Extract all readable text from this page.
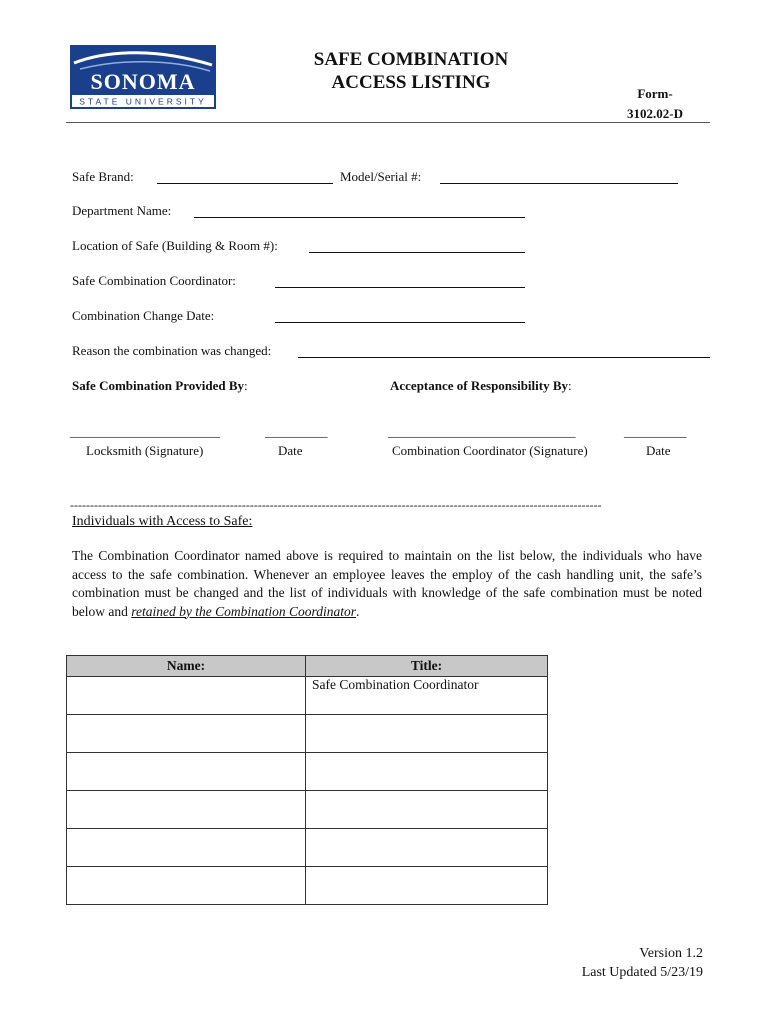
SONOMA
STATE UNIVERSITY
SAFE COMBINATION
ACCESS LISTING
Form-
3102.02-D
Safe Brand:	Model/Serial #:
Department Name:
Location of Safe (Building & Room #):
Safe Combination Coordinator:
Combination Change Date:
Reason the combination was changed:
Safe Combination Provided By:	Acceptance of Responsibility By:
________________________	__________	______________________________	__________
Locksmith (Signature)	Date	Combination Coordinator (Signature)	Date
-------------------------------------------------------------------------------------------------------------------------------------
Individuals with Access to Safe:
The Combination Coordinator named above is required to maintain on the list below, the individuals who have access to the safe combination. Whenever an employee leaves the employ of the cash handling unit, the safe’s combination must be changed and the list of individuals with knowledge of the safe combination must be noted below and retained by the Combination Coordinator.
Name:	Title:
	Safe Combination Coordinator

Version 1.2
Last Updated 5/23/19
